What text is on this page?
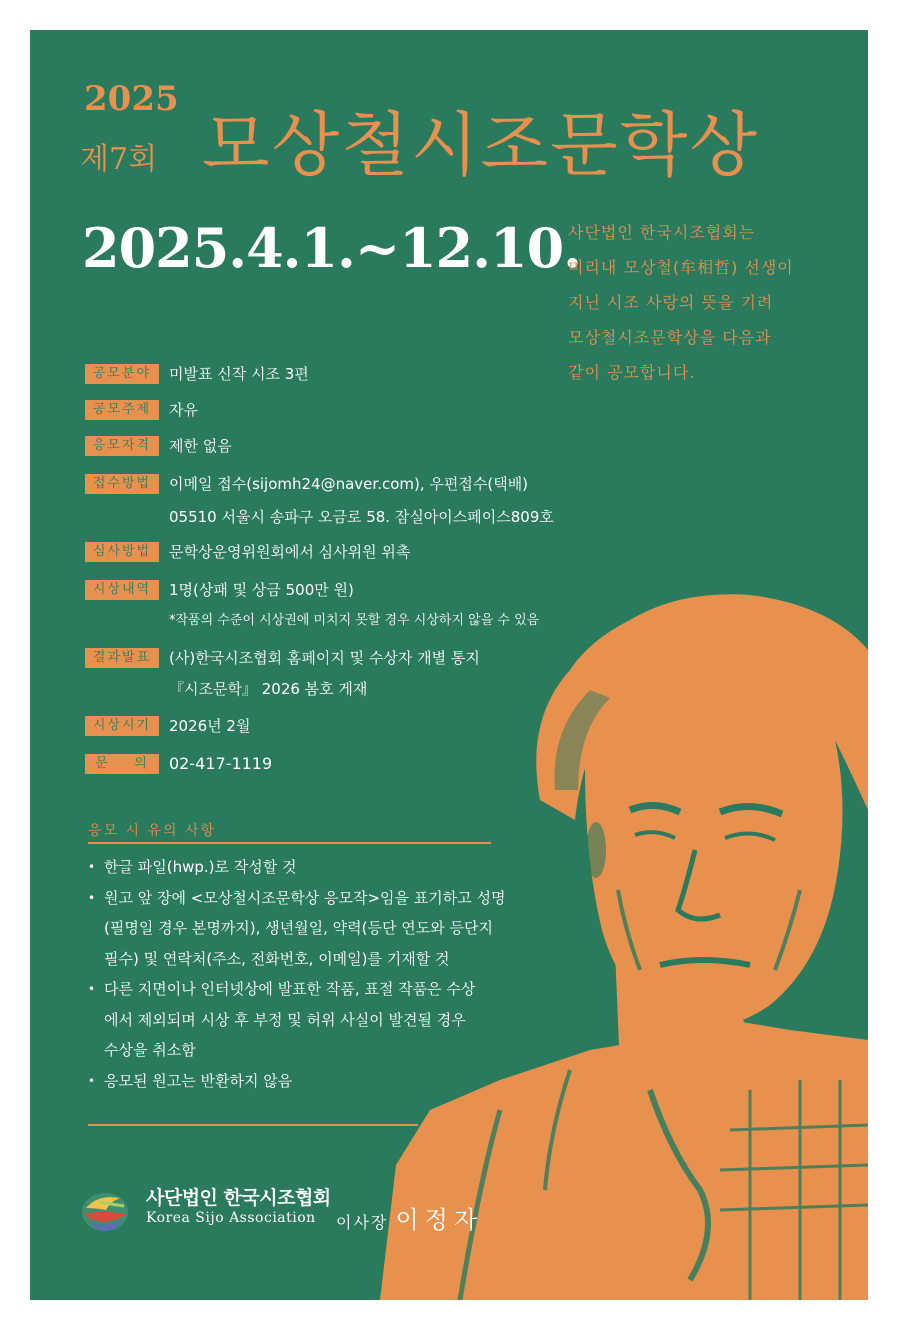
2025
제7회 모상철시조문학상
2025.4.1.~12.10.
사단법인 한국시조협회는
미리내 모상철(牟相哲) 선생이
지닌 시조 사랑의 뜻을 기려
모상철시조문학상을 다음과
같이 공모합니다.
공모분야	미발표 신작 시조 3편
공모주제	자유
응모자격	제한 없음
접수방법	이메일 접수(sijomh24@naver.com), 우편접수(택배)
05510 서울시 송파구 오금로 58. 잠실아이스페이스809호
심사방법	문학상운영위원회에서 심사위원 위촉
시상내역	1명(상패 및 상금 500만 원)
*작품의 수준이 시상권에 미치지 못할 경우 시상하지 않을 수 있음
결과발표	(사)한국시조협회 홈페이지 및 수상자 개별 통지
『시조문학』 2026 봄호 게재
시상시기	2026년 2월
문    의	02-417-1119
응모 시 유의 사항
• 한글 파일(hwp.)로 작성할 것
• 원고 앞 장에 <모상철시조문학상 응모작>임을 표기하고 성명
(필명일 경우 본명까지), 생년월일, 약력(등단 연도와 등단지
필수) 및 연락처(주소, 전화번호, 이메일)를 기재할 것
• 다른 지면이나 인터넷상에 발표한 작품, 표절 작품은 수상
에서 제외되며 시상 후 부정 및 허위 사실이 발견될 경우
수상을 취소함
• 응모된 원고는 반환하지 않음
사단법인 한국시조협회
Korea Sijo Association 이사장 이정자
